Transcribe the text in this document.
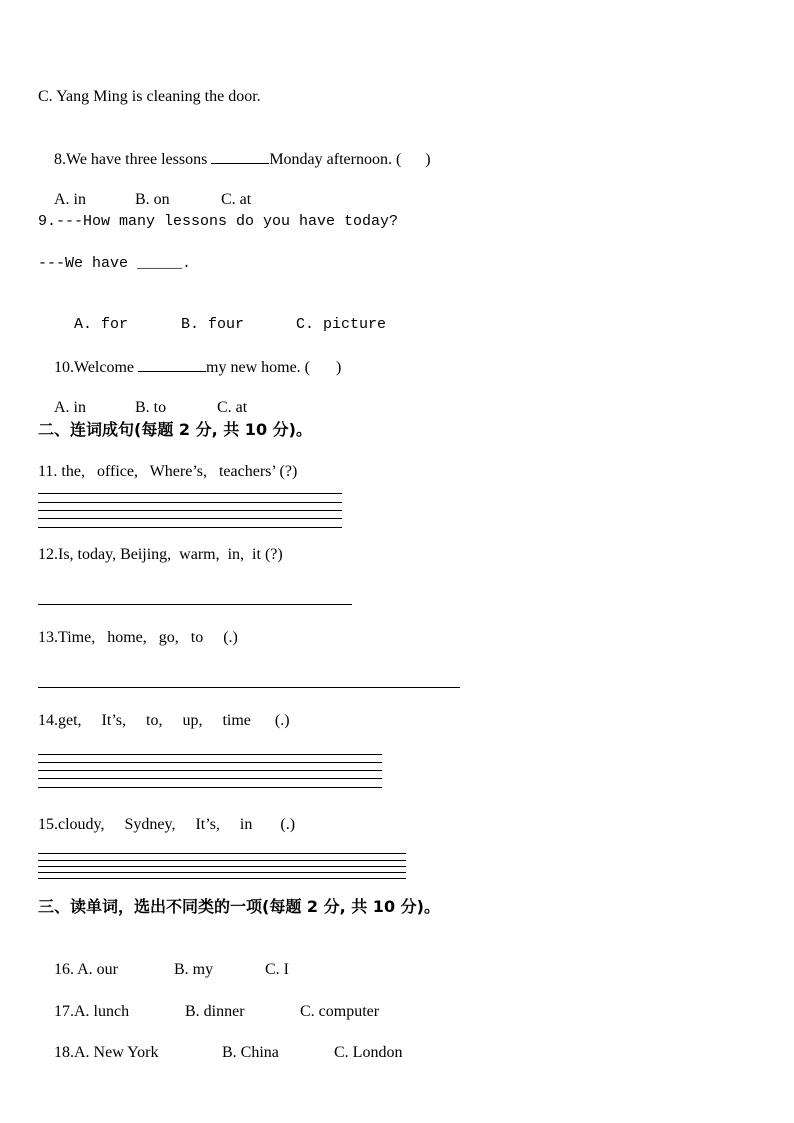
C. Yang Ming is cleaning the door.

8.We have three lessons	Monday afternoon. ( )

A. in	B. on	C. at

9.---How many lessons do you have today?
---We have _____.

A. for	B. four	C. picture

10.Welcome	my new home. ( )

A. in	B. to	C. at

二、连词成句(每题 2 分, 共 10 分)。
11. the,   office,   Where’s,   teachers’ (?)
12.Is, today, Beijing,  warm,  in,  it (?)
13.Time,   home,   go,   to     (.)
14.get,     It’s,     to,     up,     time      (.)
15.cloudy,     Sydney,     It’s,     in       (.)
三、读单词，选出不同类的一项(每题 2 分, 共 10 分)。

16. A. our	B. my	C. I

17.A. lunch	B. dinner	C. computer

18.A. New York	B. China	C. London
